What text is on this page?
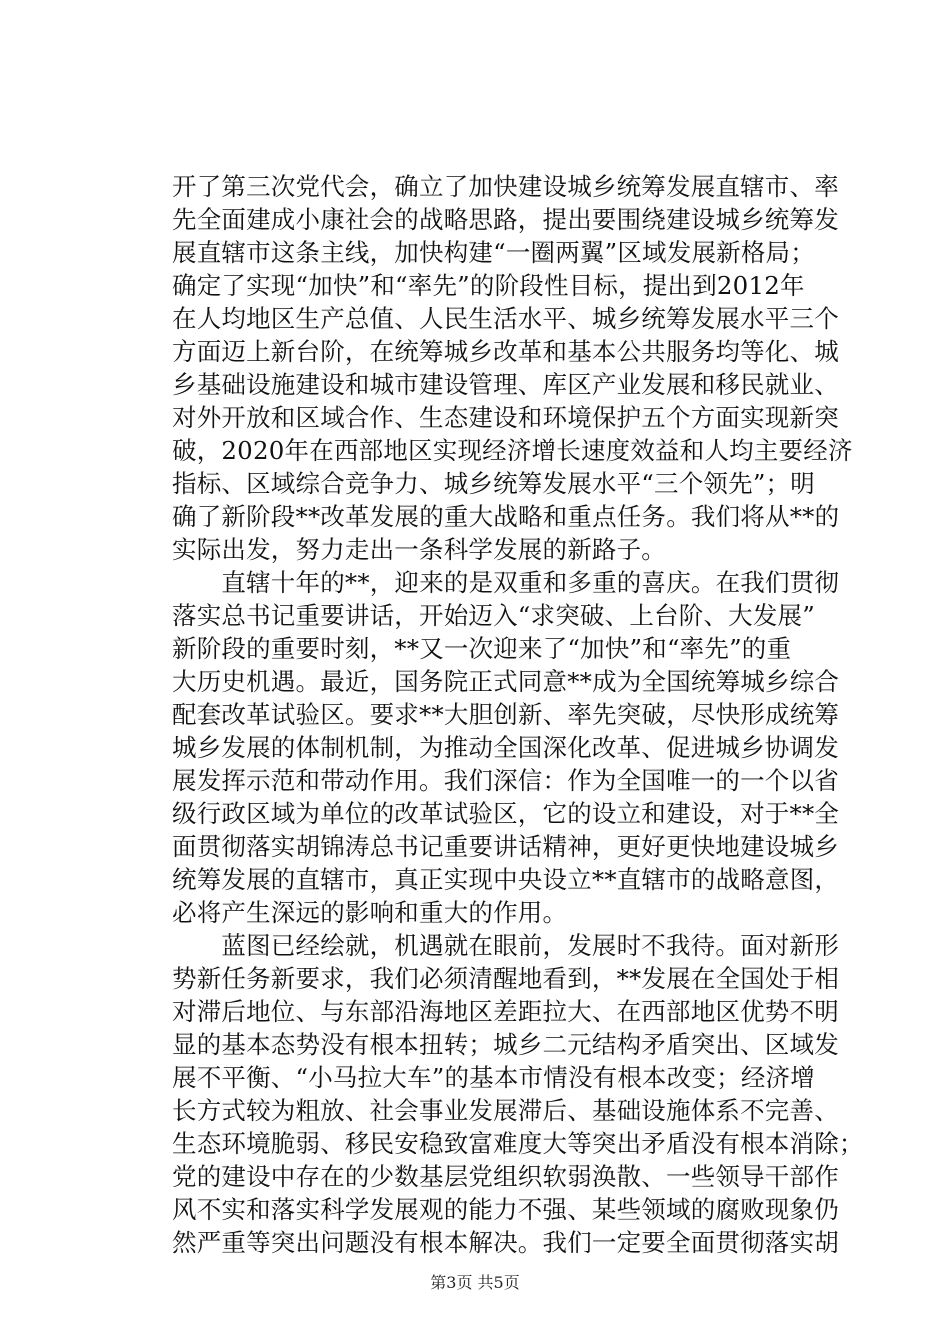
开了第三次党代会，确立了加快建设城乡统筹发展直辖市、率
先全面建成小康社会的战略思路，提出要围绕建设城乡统筹发
展直辖市这条主线，加快构建“一圈两翼”区域发展新格局；
确定了实现“加快”和“率先”的阶段性目标，提出到2012年
在人均地区生产总值、人民生活水平、城乡统筹发展水平三个
方面迈上新台阶，在统筹城乡改革和基本公共服务均等化、城
乡基础设施建设和城市建设管理、库区产业发展和移民就业、
对外开放和区域合作、生态建设和环境保护五个方面实现新突
破，2020年在西部地区实现经济增长速度效益和人均主要经济
指标、区域综合竞争力、城乡统筹发展水平“三个领先”；明
确了新阶段**改革发展的重大战略和重点任务。我们将从**的
实际出发，努力走出一条科学发展的新路子。
　　直辖十年的**，迎来的是双重和多重的喜庆。在我们贯彻
落实总书记重要讲话，开始迈入“求突破、上台阶、大发展”
新阶段的重要时刻，**又一次迎来了“加快”和“率先”的重
大历史机遇。最近，国务院正式同意**成为全国统筹城乡综合
配套改革试验区。要求**大胆创新、率先突破，尽快形成统筹
城乡发展的体制机制，为推动全国深化改革、促进城乡协调发
展发挥示范和带动作用。我们深信：作为全国唯一的一个以省
级行政区域为单位的改革试验区，它的设立和建设，对于**全
面贯彻落实胡锦涛总书记重要讲话精神，更好更快地建设城乡
统筹发展的直辖市，真正实现中央设立**直辖市的战略意图，
必将产生深远的影响和重大的作用。
　　蓝图已经绘就，机遇就在眼前，发展时不我待。面对新形
势新任务新要求，我们必须清醒地看到，**发展在全国处于相
对滞后地位、与东部沿海地区差距拉大、在西部地区优势不明
显的基本态势没有根本扭转；城乡二元结构矛盾突出、区域发
展不平衡、“小马拉大车”的基本市情没有根本改变；经济增
长方式较为粗放、社会事业发展滞后、基础设施体系不完善、
生态环境脆弱、移民安稳致富难度大等突出矛盾没有根本消除；
党的建设中存在的少数基层党组织软弱涣散、一些领导干部作
风不实和落实科学发展观的能力不强、某些领域的腐败现象仍
然严重等突出问题没有根本解决。我们一定要全面贯彻落实胡
第3页 共5页
